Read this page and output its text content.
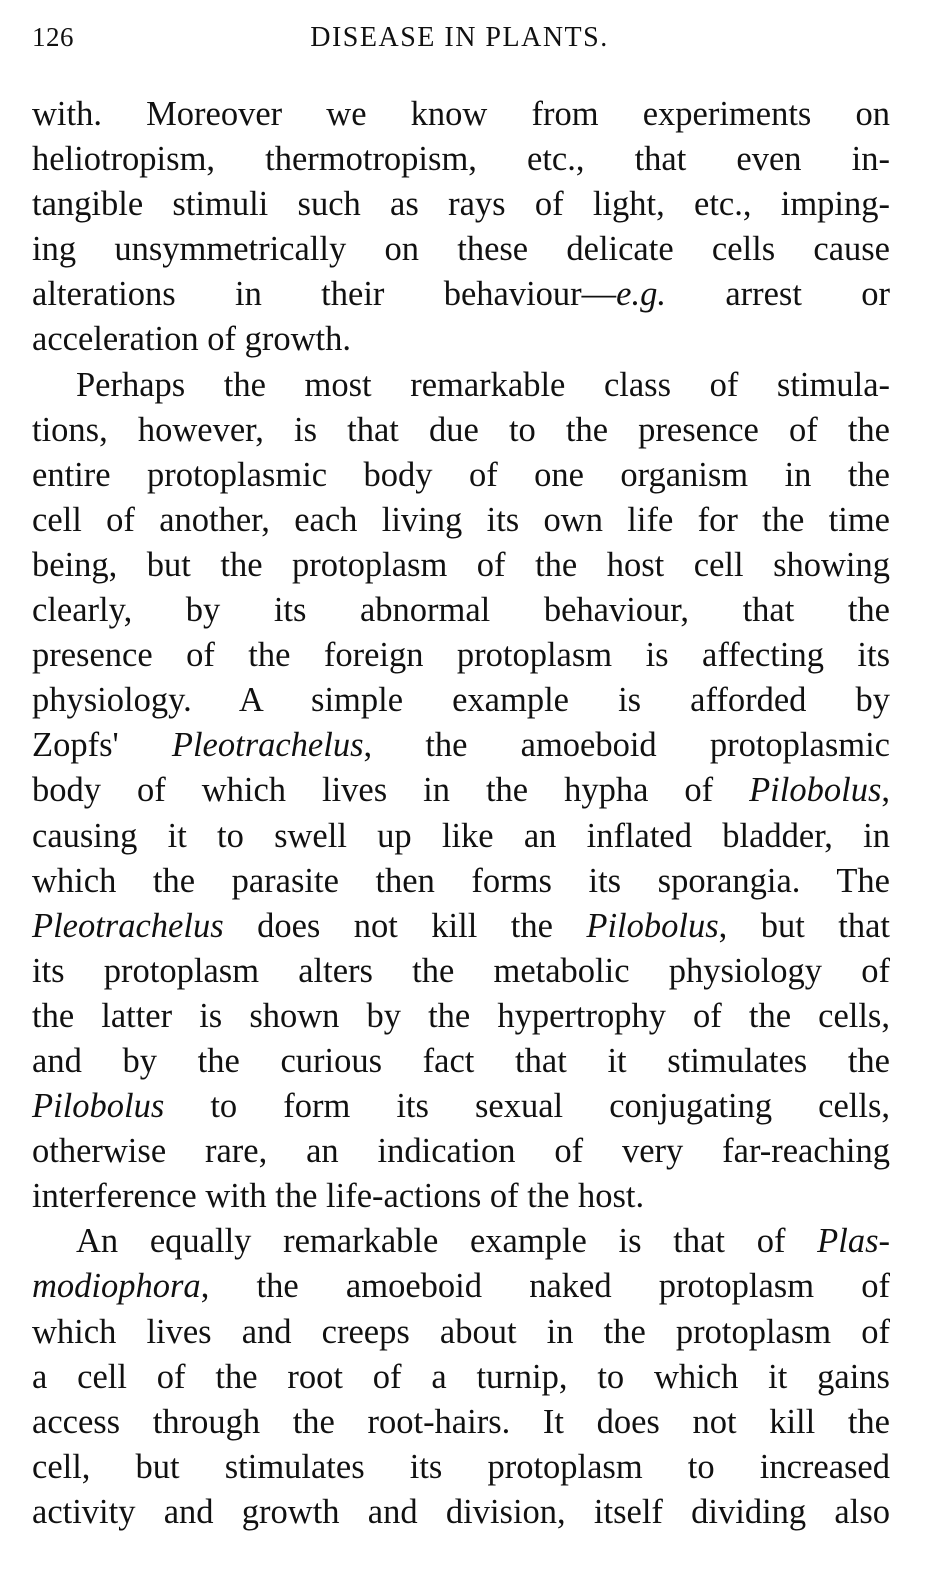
126	DISEASE IN PLANTS.
with. Moreover we know from experiments on
heliotropism, thermotropism, etc., that even in-
tangible stimuli such as rays of light, etc., imping-
ing unsymmetrically on these delicate cells cause
alterations in their behaviour—e.g. arrest or
acceleration of growth.
Perhaps the most remarkable class of stimula-
tions, however, is that due to the presence of the
entire protoplasmic body of one organism in the
cell of another, each living its own life for the time
being, but the protoplasm of the host cell showing
clearly, by its abnormal behaviour, that the
presence of the foreign protoplasm is affecting its
physiology. A simple example is afforded by
Zopfs' Pleotrachelus, the amoeboid protoplasmic
body of which lives in the hypha of Pilobolus,
causing it to swell up like an inflated bladder, in
which the parasite then forms its sporangia. The
Pleotrachelus does not kill the Pilobolus, but that
its protoplasm alters the metabolic physiology of
the latter is shown by the hypertrophy of the cells,
and by the curious fact that it stimulates the
Pilobolus to form its sexual conjugating cells,
otherwise rare, an indication of very far-reaching
interference with the life-actions of the host.
An equally remarkable example is that of Plas-
modiophora, the amoeboid naked protoplasm of
which lives and creeps about in the protoplasm of
a cell of the root of a turnip, to which it gains
access through the root-hairs. It does not kill the
cell, but stimulates its protoplasm to increased
activity and growth and division, itself dividing also
